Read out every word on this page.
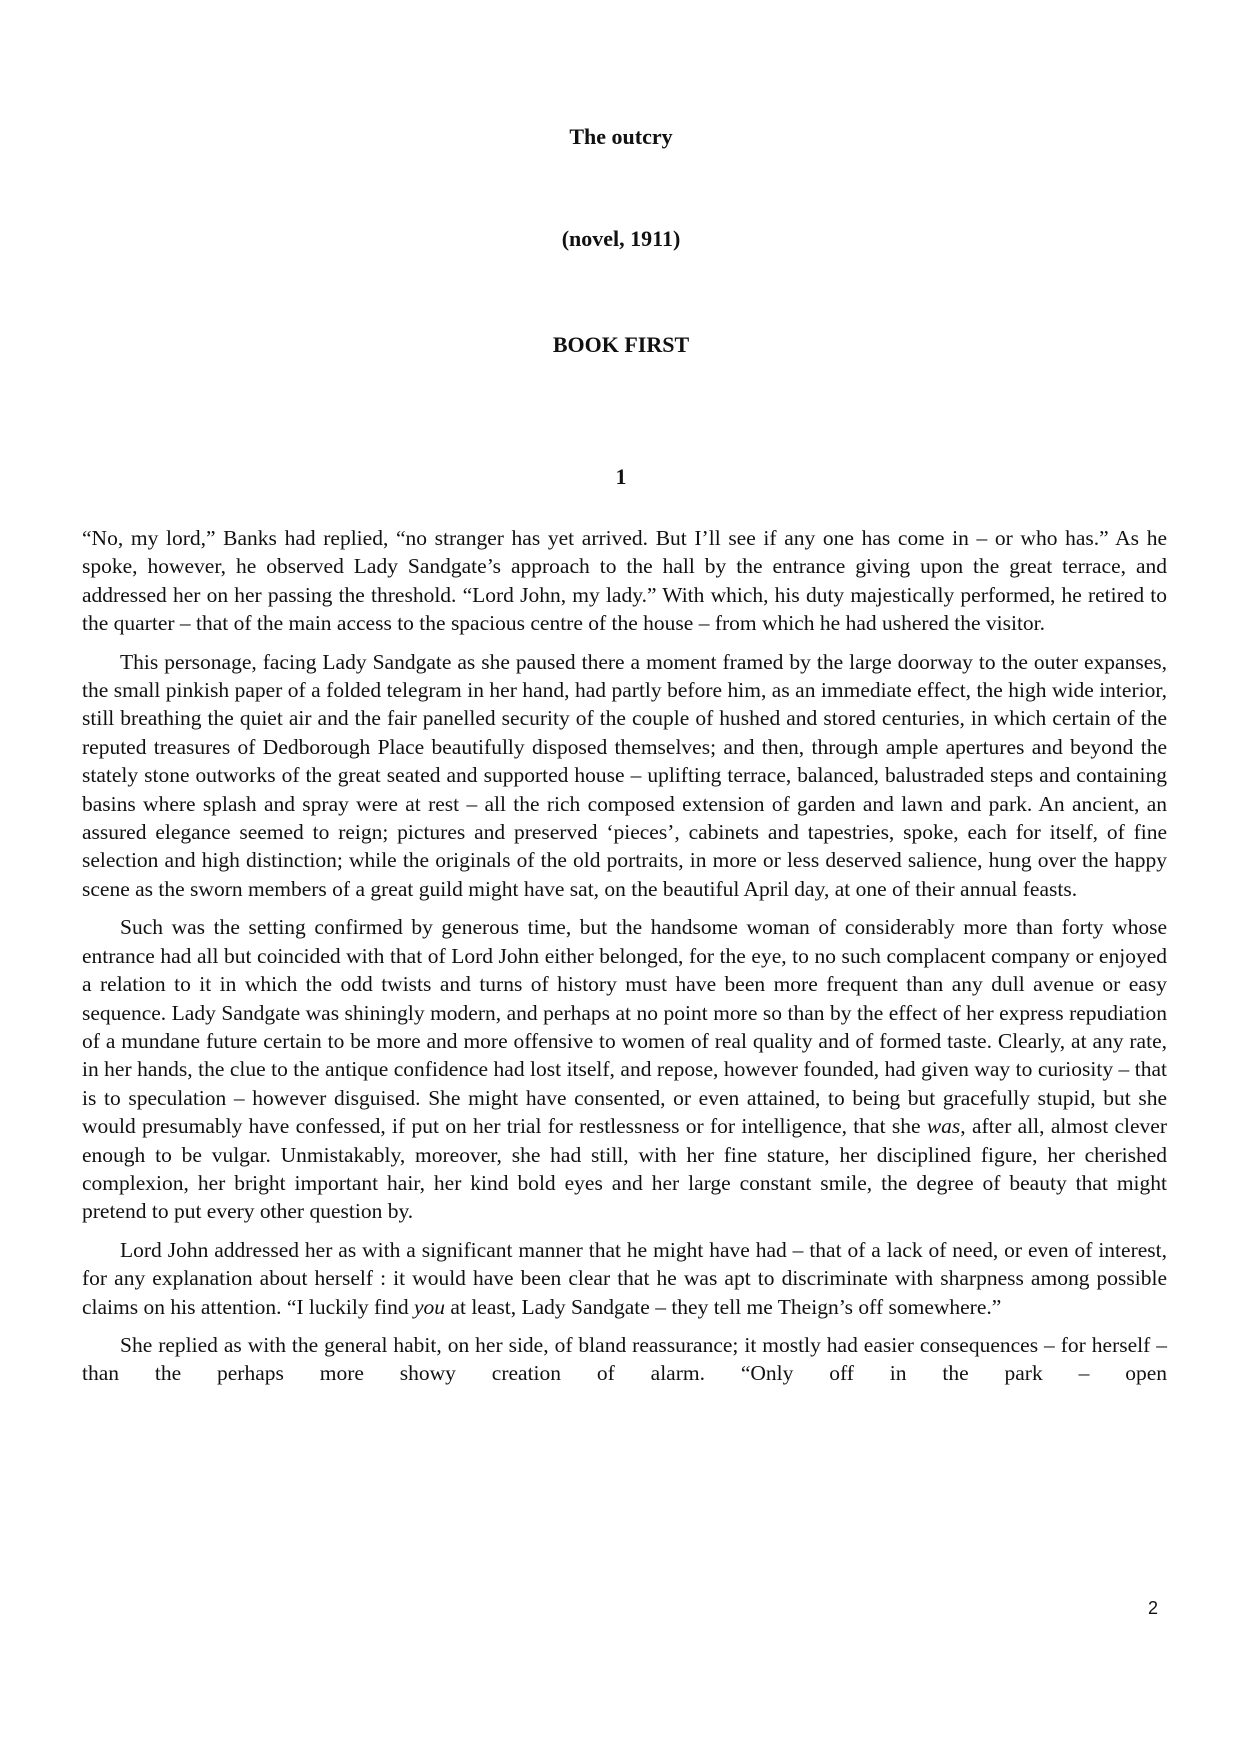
The outcry
(novel, 1911)
BOOK FIRST
1

“No, my lord,” Banks had replied, “no stranger has yet arrived. But I’ll see if any one has come in – or who has.” As he spoke, however, he observed Lady Sandgate’s approach to the hall by the entrance giving upon the great terrace, and addressed her on her passing the threshold. “Lord John, my lady.” With which, his duty majestically performed, he retired to the quarter – that of the main access to the spacious centre of the house – from which he had ushered the visitor.

This personage, facing Lady Sandgate as she paused there a moment framed by the large doorway to the outer expanses, the small pinkish paper of a folded telegram in her hand, had partly before him, as an immediate effect, the high wide interior, still breathing the quiet air and the fair panelled security of the couple of hushed and stored centuries, in which certain of the reputed treasures of Dedborough Place beautifully disposed themselves; and then, through ample apertures and beyond the stately stone outworks of the great seated and supported house – uplifting terrace, balanced, balustraded steps and containing basins where splash and spray were at rest – all the rich composed extension of garden and lawn and park. An ancient, an assured elegance seemed to reign; pictures and preserved ‘pieces’, cabinets and tapestries, spoke, each for itself, of fine selection and high distinction; while the originals of the old portraits, in more or less deserved salience, hung over the happy scene as the sworn members of a great guild might have sat, on the beautiful April day, at one of their annual feasts.

Such was the setting confirmed by generous time, but the handsome woman of considerably more than forty whose entrance had all but coincided with that of Lord John either belonged, for the eye, to no such complacent company or enjoyed a relation to it in which the odd twists and turns of history must have been more frequent than any dull avenue or easy sequence. Lady Sandgate was shiningly modern, and perhaps at no point more so than by the effect of her express repudiation of a mundane future certain to be more and more offensive to women of real quality and of formed taste. Clearly, at any rate, in her hands, the clue to the antique confidence had lost itself, and repose, however founded, had given way to curiosity – that is to speculation – however disguised. She might have consented, or even attained, to being but gracefully stupid, but she would presumably have confessed, if put on her trial for restlessness or for intelligence, that she was, after all, almost clever enough to be vulgar. Unmistakably, moreover, she had still, with her fine stature, her disciplined figure, her cherished complexion, her bright important hair, her kind bold eyes and her large constant smile, the degree of beauty that might pretend to put every other question by.

Lord John addressed her as with a significant manner that he might have had – that of a lack of need, or even of interest, for any explanation about herself : it would have been clear that he was apt to discriminate with sharpness among possible claims on his attention. “I luckily find you at least, Lady Sandgate – they tell me Theign’s off somewhere.”

She replied as with the general habit, on her side, of bland reassurance; it mostly had easier consequences – for herself – than the perhaps more showy creation of alarm. “Only off in the park – open

2
